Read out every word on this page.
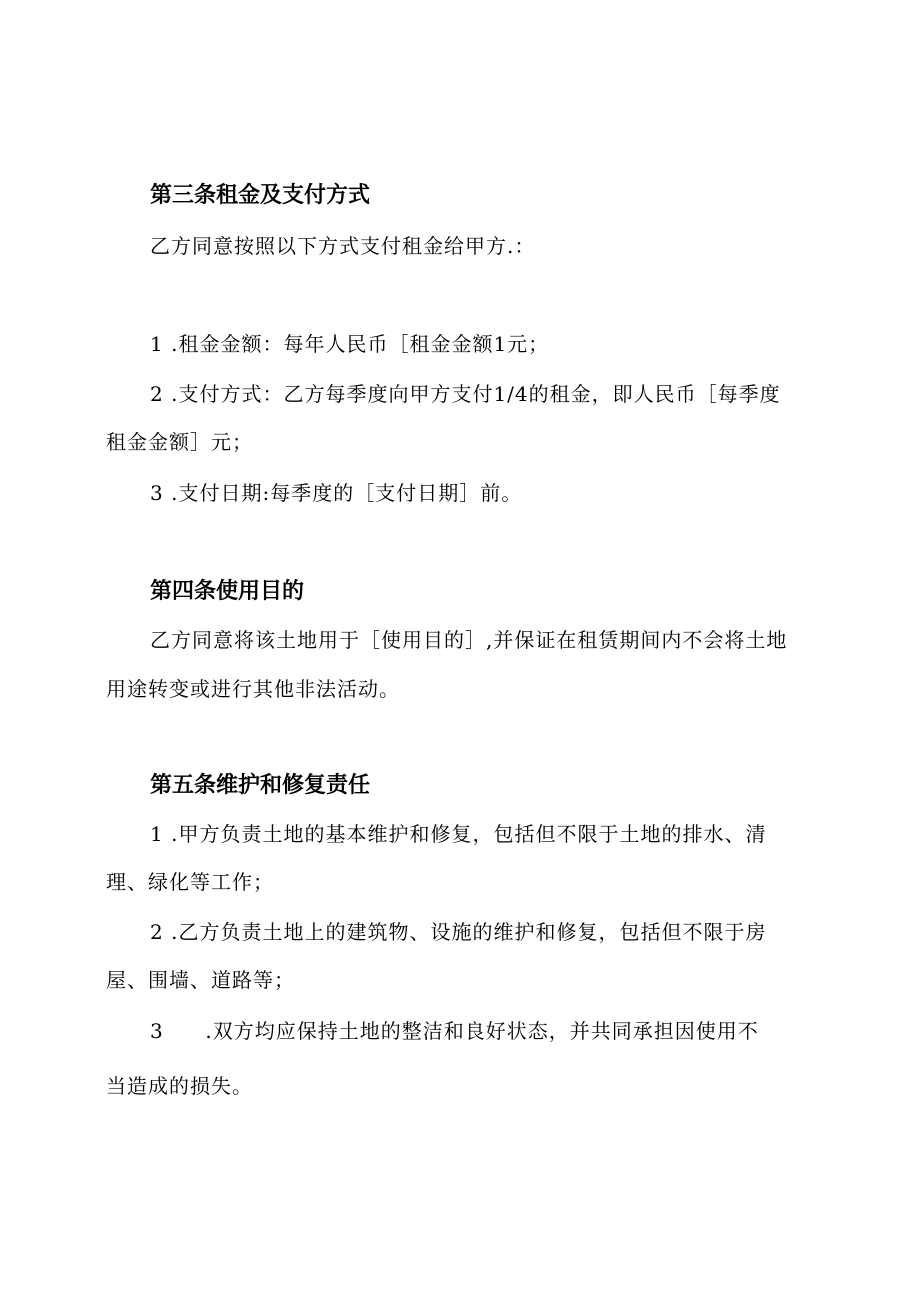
第三条租金及支付方式
乙方同意按照以下方式支付租金给甲方.：
1 .租金金额：每年人民币［租金金额1元；
2 .支付方式：乙方每季度向甲方支付1/4的租金，即人民币［每季度
租金金额］元；
3 .支付日期:每季度的［支付日期］前。
第四条使用目的
乙方同意将该土地用于［使用目的］,并保证在租赁期间内不会将土地
用途转变或进行其他非法活动。
第五条维护和修复责任
1 .甲方负责土地的基本维护和修复，包括但不限于土地的排水、清
理、绿化等工作；
2 .乙方负责土地上的建筑物、设施的维护和修复，包括但不限于房
屋、围墙、道路等；
3 .双方均应保持土地的整洁和良好状态，并共同承担因使用不
当造成的损失。
